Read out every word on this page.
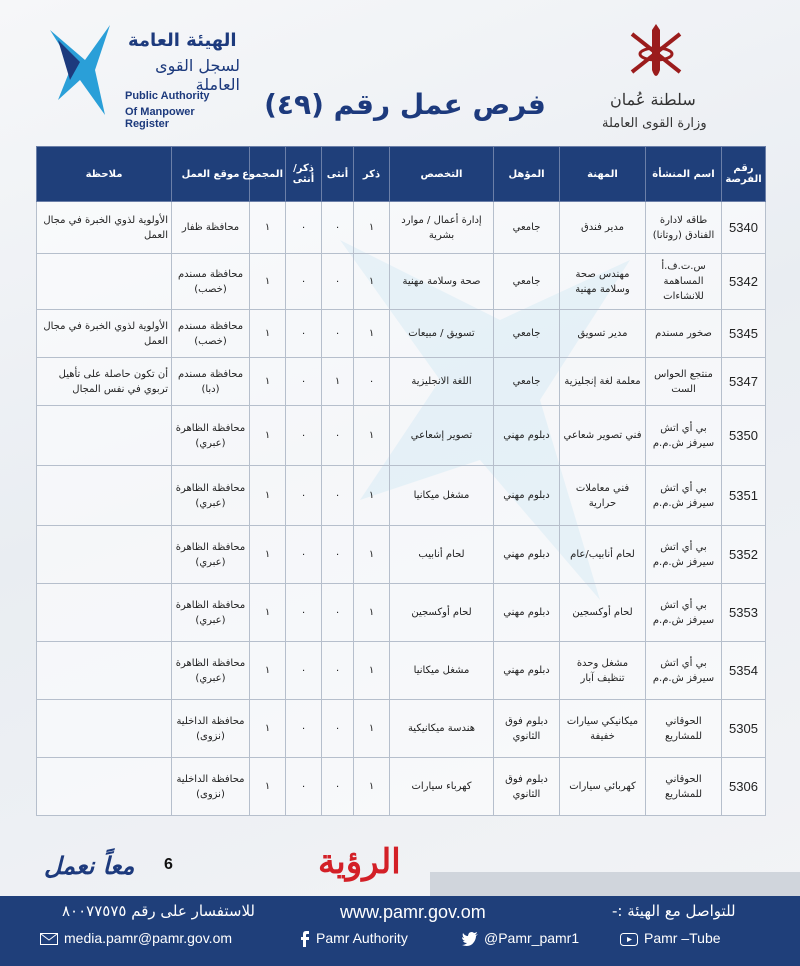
الهيئة العامة
لسجل القوى العاملة
Public Authority
Of Manpower Register
سلطنة عُمان
وزارة القوى العاملة
فرص عمل رقم (٤٩)
رقم الفرصة	اسم المنشأة	المهنة	المؤهل	التخصص	ذكر	أنثى	ذكر/ أنثى	المجموع	موقع العمل	ملاحظة
5340	طاقه لادارة الفنادق (روتانا)	مدير فندق	جامعي	إدارة أعمال / موارد بشرية	١	٠	٠	١	محافظة ظفار	الأولوية لذوي الخبرة في مجال العمل
5342	س.ت.ف.أ المساهمة للانشاءات	مهندس صحة وسلامة مهنية	جامعي	صحة وسلامة مهنية	١	٠	٠	١	محافظة مسندم (خصب)	
5345	صخور مسندم	مدير تسويق	جامعي	تسويق / مبيعات	١	٠	٠	١	محافظة مسندم (خصب)	الأولوية لذوي الخبرة في مجال العمل
5347	منتجع الحواس الست	معلمة لغة إنجليزية	جامعي	اللغة الانجليزية	٠	١	٠	١	محافظة مسندم (دبا)	أن تكون حاصلة على تأهيل تربوي في نفس المجال
5350	بي أي اتش سيرفز ش.م.م	فني تصوير شعاعي	دبلوم مهني	تصوير إشعاعي	١	٠	٠	١	محافظة الظاهرة (عبري)	
5351	بي أي اتش سيرفز ش.م.م	فني معاملات حرارية	دبلوم مهني	مشغل ميكانيا	١	٠	٠	١	محافظة الظاهرة (عبري)	
5352	بي أي اتش سيرفز ش.م.م	لحام أنابيب/عام	دبلوم مهني	لحام أنابيب	١	٠	٠	١	محافظة الظاهرة (عبري)	
5353	بي أي اتش سيرفز ش.م.م	لحام أوكسجين	دبلوم مهني	لحام أوكسجين	١	٠	٠	١	محافظة الظاهرة (عبري)	
5354	بي أي اتش سيرفز ش.م.م	مشغل وحدة تنظيف آبار	دبلوم مهني	مشغل ميكانيا	١	٠	٠	١	محافظة الظاهرة (عبري)	
5305	الحوقاني للمشاريع	ميكانيكي سيارات خفيفة	دبلوم فوق الثانوي	هندسة ميكانيكية	١	٠	٠	١	محافظة الداخلية (نزوى)	
5306	الحوقاني للمشاريع	كهربائي سيارات	دبلوم فوق الثانوي	كهرباء سيارات	١	٠	٠	١	محافظة الداخلية (نزوى)	
6
معاً نعمل	الرؤية
للتواصل مع الهيئة :-
www.pamr.gov.om
للاستفسار على رقم ٨٠٠٧٧٥٧٥
media.pamr@pamr.gov.om	Pamr Authority	@Pamr_pamr1	Pamr –Tube
